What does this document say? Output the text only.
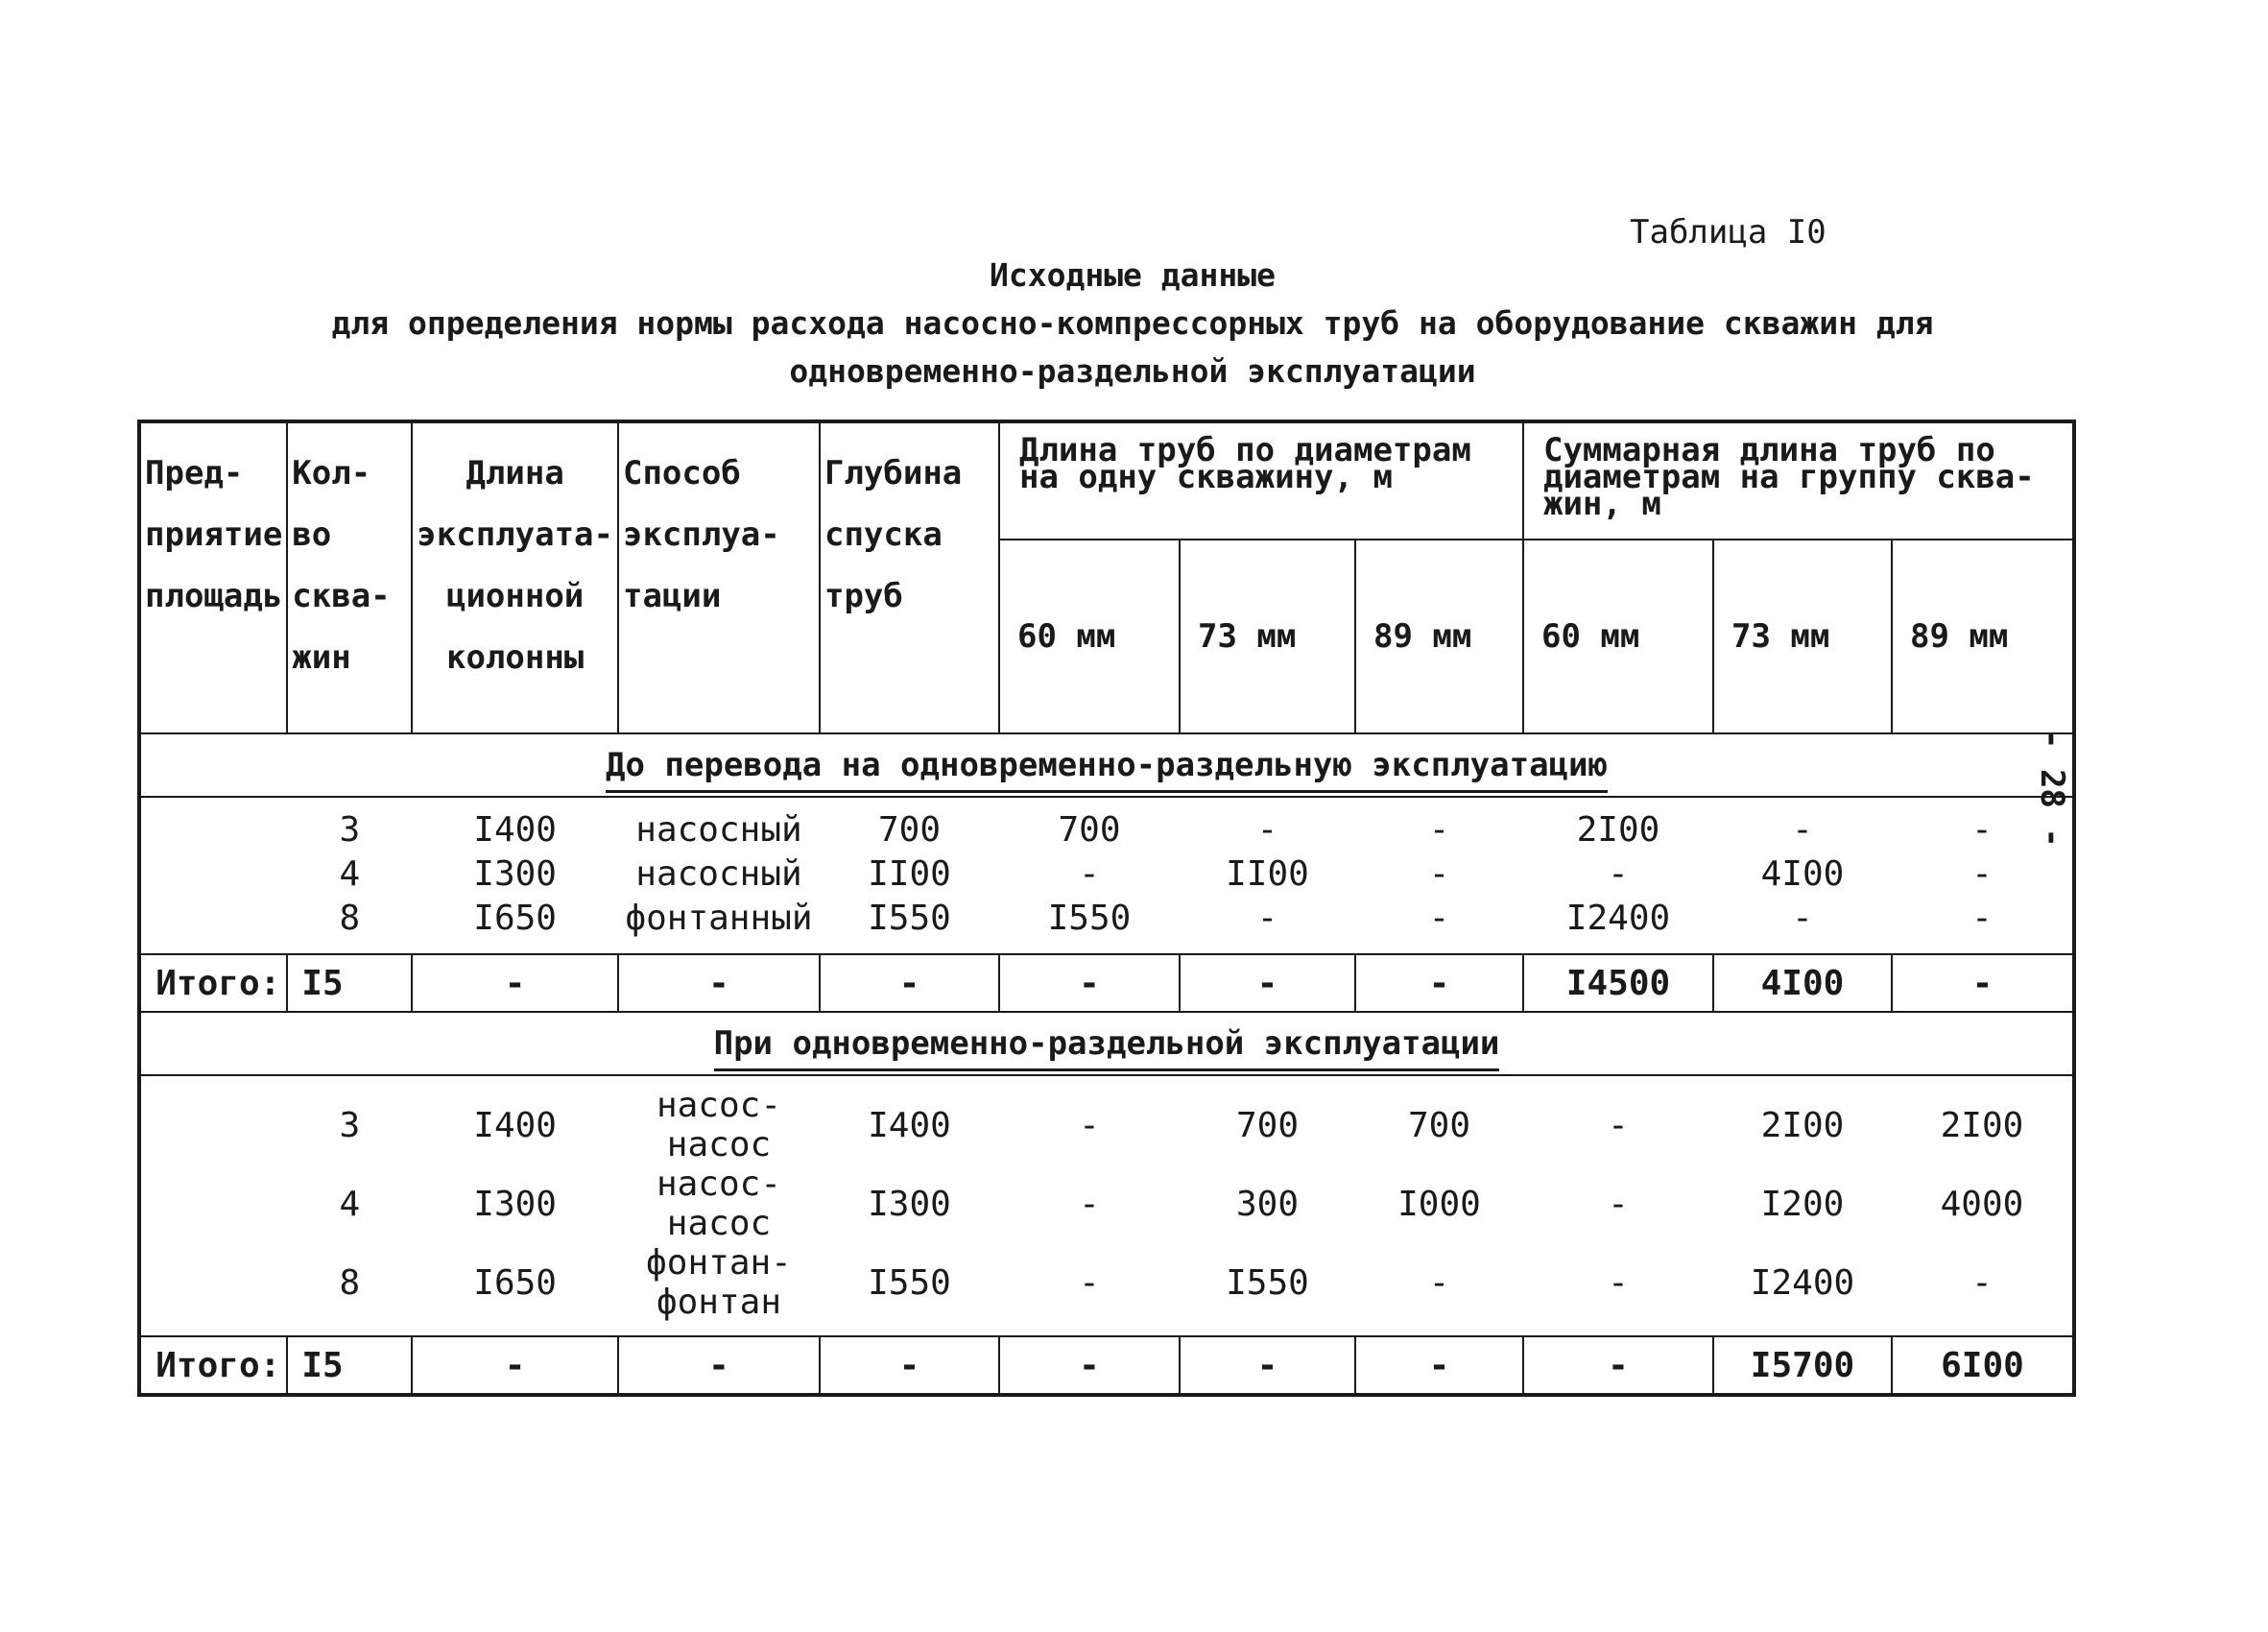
Таблица I0
Исходные данные
для определения нормы расхода насосно-компрессорных труб на оборудование скважин для
одновременно-раздельной эксплуатации
- 28 -
Пред-приятие площадь	Кол-во сква-жин	Длина эксплуата-ционной колонны	Способ эксплуа-тации	Глубина спуска труб	Длина труб по диаметрам на одну скважину, м			Суммарная длина труб по диаметрам на группу сква-жин, м		
					60 мм	73 мм	89 мм	60 мм	73 мм	89 мм
До перевода на одновременно-раздельную эксплуатацию										
	3	I400	насосный	700	700	-	-	2I00	-	-
	4	I300	насосный	II00	-	II00	-	-	4I00	-
	8	I650	фонтанный	I550	I550	-	-	I2400	-	-

Итого:	I5	-	-	-	-	-	-	I4500	4I00	-
При одновременно-раздельной эксплуатации										
	3	I400	насос-насос	I400	-	700	700	-	2I00	2I00
	4	I300	насос-насос	I300	-	300	I000	-	I200	4000
	8	I650	фонтан-фонтан	I550	-	I550	-	-	I2400	-

Итого:	I5	-	-	-	-	-	-	-	I5700	6I00
